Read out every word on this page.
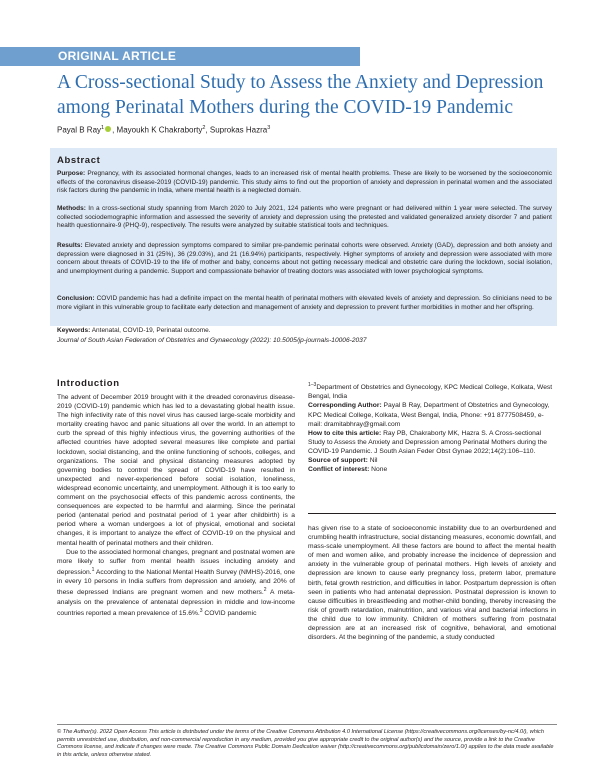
ORIGINAL ARTICLE
A Cross-sectional Study to Assess the Anxiety and Depression among Perinatal Mothers during the COVID-19 Pandemic
Payal B Ray$^1$ , Mayoukh K Chakraborty$^2$, Suprokas Hazra$^3$
Abstract

Purpose: Pregnancy, with its associated hormonal changes, leads to an increased risk of mental health problems. These are likely to be worsened by the socioeconomic effects of the coronavirus disease-2019 (COVID-19) pandemic. This study aims to find out the proportion of anxiety and depression in perinatal women and the associated risk factors during the pandemic in India, where mental health is a neglected domain.

Methods: In a cross-sectional study spanning from March 2020 to July 2021, 124 patients who were pregnant or had delivered within 1 year were selected. The survey collected sociodemographic information and assessed the severity of anxiety and depression using the pretested and validated generalized anxiety disorder 7 and patient health questionnaire-9 (PHQ-9), respectively. The results were analyzed by suitable statistical tools and techniques.

Results: Elevated anxiety and depression symptoms compared to similar pre-pandemic perinatal cohorts were observed. Anxiety (GAD), depression and both anxiety and depression were diagnosed in 31 (25%), 36 (29.03%), and 21 (16.94%) participants, respectively. Higher symptoms of anxiety and depression were associated with more concern about threats of COVID-19 to the life of mother and baby, concerns about not getting necessary medical and obstetric care during the lockdown, social isolation, and unemployment during a pandemic. Support and compassionate behavior of treating doctors was associated with lower psychological symptoms.

Conclusion: COVID pandemic has had a definite impact on the mental health of perinatal mothers with elevated levels of anxiety and depression. So clinicians need to be more vigilant in this vulnerable group to facilitate early detection and management of anxiety and depression to prevent further morbidities in mother and her offspring.

Keywords: Antenatal, COVID-19, Perinatal outcome.

Journal of South Asian Federation of Obstetrics and Gynaecology (2022): 10.5005/jp-journals-10006-2037
Introduction

The advent of December 2019 brought with it the dreaded coronavirus disease-2019 (COVID-19) pandemic which has led to a devastating global health issue. The high infectivity rate of this novel virus has caused large-scale morbidity and mortality creating havoc and panic situations all over the world. In an attempt to curb the spread of this highly infectious virus, the governing authorities of the affected countries have adopted several measures like complete and partial lockdown, social distancing, and the online functioning of schools, colleges, and organizations. The social and physical distancing measures adopted by governing bodies to control the spread of COVID-19 have resulted in unexpected and never-experienced before social isolation, loneliness, widespread economic uncertainty, and unemployment. Although it is too early to comment on the psychosocial effects of this pandemic across continents, the consequences are expected to be harmful and alarming. Since the perinatal period (antenatal period and postnatal period of 1 year after childbirth) is a period where a woman undergoes a lot of physical, emotional and societal changes, it is important to analyze the effect of COVID-19 on the physical and mental health of perinatal mothers and their children.

Due to the associated hormonal changes, pregnant and postnatal women are more likely to suffer from mental health issues including anxiety and depression.$^1$ According to the National Mental Health Survey (NMHS)-2016, one in every 10 persons in India suffers from depression and anxiety, and 20% of these depressed Indians are pregnant women and new mothers.$^2$ A meta-analysis on the prevalence of antenatal depression in middle and low-income countries reported a mean prevalence of 15.6%.$^3$ COVID pandemic

$^{1-3}$Department of Obstetrics and Gynecology, KPC Medical College, Kolkata, West Bengal, India

Corresponding Author: Payal B Ray, Department of Obstetrics and Gynecology, KPC Medical College, Kolkata, West Bengal, India, Phone: +91 8777508459, e-mail: dramitabhray@gmail.com

How to cite this article: Ray PB, Chakraborty MK, Hazra S. A Cross-sectional Study to Assess the Anxiety and Depression among Perinatal Mothers during the COVID-19 Pandemic. J South Asian Feder Obst Gynae 2022;14(2):106–110.

Source of support: Nil

Conflict of interest: None

has given rise to a state of socioeconomic instability due to an overburdened and crumbling health infrastructure, social distancing measures, economic downfall, and mass-scale unemployment. All these factors are bound to affect the mental health of men and women alike, and probably increase the incidence of depression and anxiety in the vulnerable group of perinatal mothers. High levels of anxiety and depression are known to cause early pregnancy loss, preterm labor, premature birth, fetal growth restriction, and difficulties in labor. Postpartum depression is often seen in patients who had antenatal depression. Postnatal depression is known to cause difficulties in breastfeeding and mother-child bonding, thereby increasing the risk of growth retardation, malnutrition, and various viral and bacterial infections in the child due to low immunity. Children of mothers suffering from postnatal depression are at an increased risk of cognitive, behavioral, and emotional disorders. At the beginning of the pandemic, a study conducted

© The Author(s). 2022 Open Access This article is distributed under the terms of the Creative Commons Attribution 4.0 International License (https://creativecommons.org/licenses/by-nc/4.0/), which permits unrestricted use, distribution, and non-commercial reproduction in any medium, provided you give appropriate credit to the original author(s) and the source, provide a link to the Creative Commons license, and indicate if changes were made. The Creative Commons Public Domain Dedication waiver (http://creativecommons.org/publicdomain/zero/1.0/) applies to the data made available in this article, unless otherwise stated.
